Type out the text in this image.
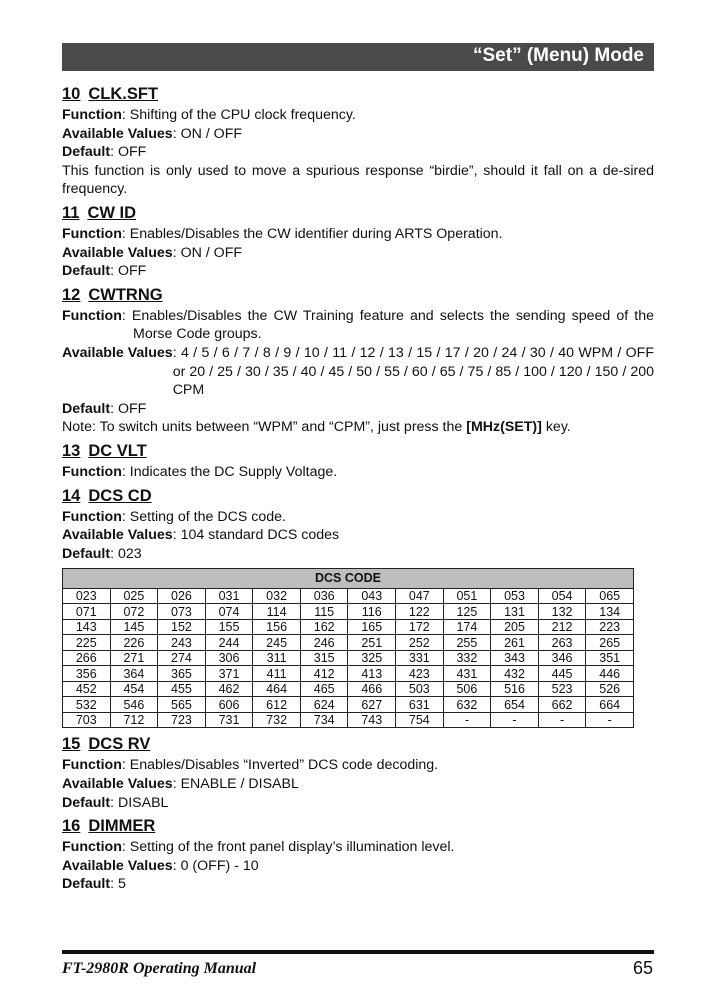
“Set” (Menu) Mode
10 CLK.SFT
Function: Shifting of the CPU clock frequency.
Available Values: ON / OFF
Default: OFF
This function is only used to move a spurious response “birdie”, should it fall on a de-sired frequency.
11 CW ID
Function: Enables/Disables the CW identifier during ARTS Operation.
Available Values: ON / OFF
Default: OFF
12 CWTRNG
Function: Enables/Disables the CW Training feature and selects the sending speed of the Morse Code groups.
Available Values : 4 / 5 / 6 / 7 / 8 / 9 / 10 / 11 / 12 / 13 / 15 / 17 / 20 / 24 / 30 / 40 WPM / OFF or 20 / 25 / 30 / 35 / 40 / 45 / 50 / 55 / 60 / 65 / 75 / 85 / 100 / 120 / 150 / 200 CPM
Default: OFF
Note: To switch units between “WPM” and “CPM”, just press the [MHz(SET)] key.
13 DC VLT
Function: Indicates the DC Supply Voltage.
14 DCS CD
Function: Setting of the DCS code.
Available Values: 104 standard DCS codes
Default: 023
DCS CODE											
023	025	026	031	032	036	043	047	051	053	054	065
071	072	073	074	114	115	116	122	125	131	132	134
143	145	152	155	156	162	165	172	174	205	212	223
225	226	243	244	245	246	251	252	255	261	263	265
266	271	274	306	311	315	325	331	332	343	346	351
356	364	365	371	411	412	413	423	431	432	445	446
452	454	455	462	464	465	466	503	506	516	523	526
532	546	565	606	612	624	627	631	632	654	662	664
703	712	723	731	732	734	743	754	-	-	-	-
15 DCS RV
Function: Enables/Disables “Inverted” DCS code decoding.
Available Values: ENABLE / DISABL
Default: DISABL
16 DIMMER
Function: Setting of the front panel display’s illumination level.
Available Values: 0 (OFF) - 10
Default: 5
FT-2980R Operating Manual	65
